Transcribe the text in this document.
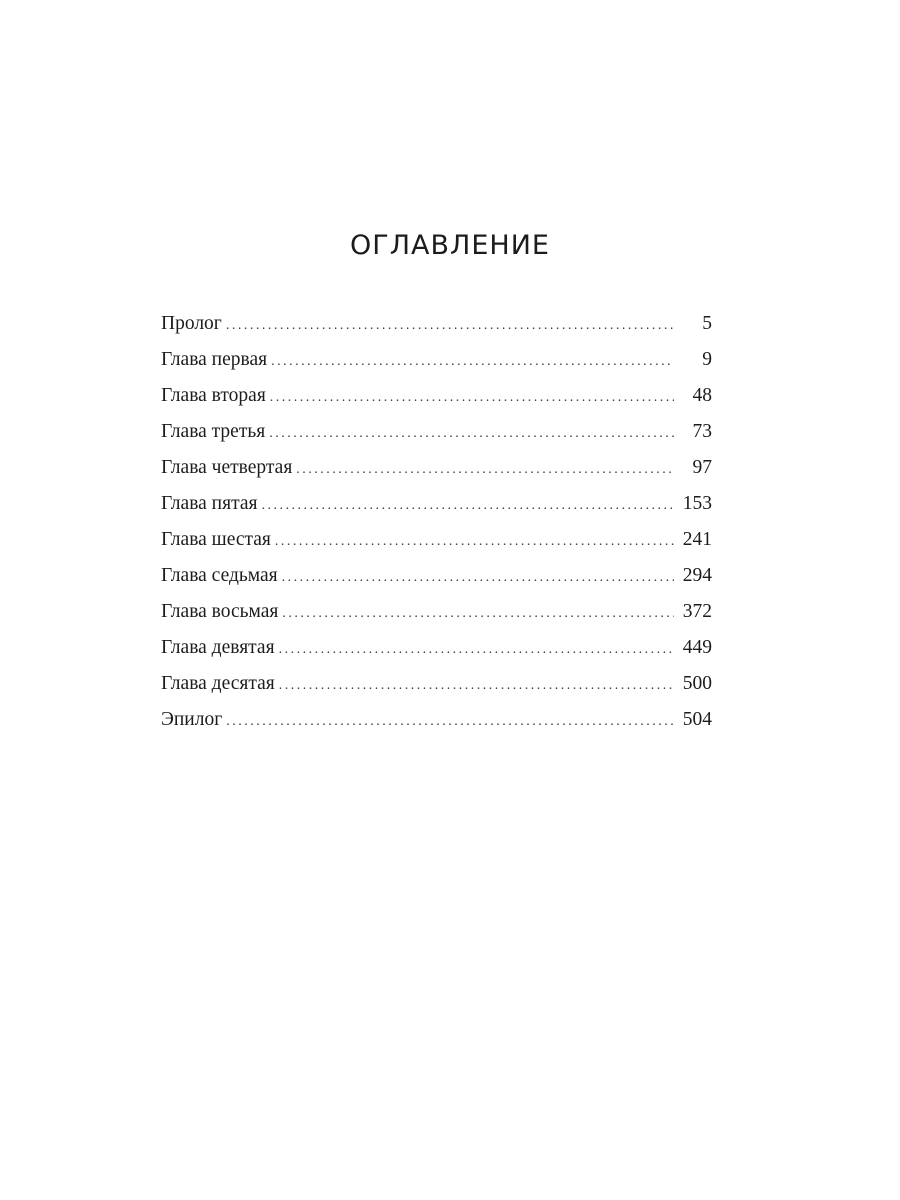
ОГЛАВЛЕНИЕ
Пролог . . .	5
Глава первая . . .	9
Глава вторая . . .	48
Глава третья . . .	73
Глава четвертая . . .	97
Глава пятая . . .	153
Глава шестая . . .	241
Глава седьмая . . .	294
Глава восьмая . . .	372
Глава девятая . . .	449
Глава десятая . . .	500
Эпилог . . .	504
